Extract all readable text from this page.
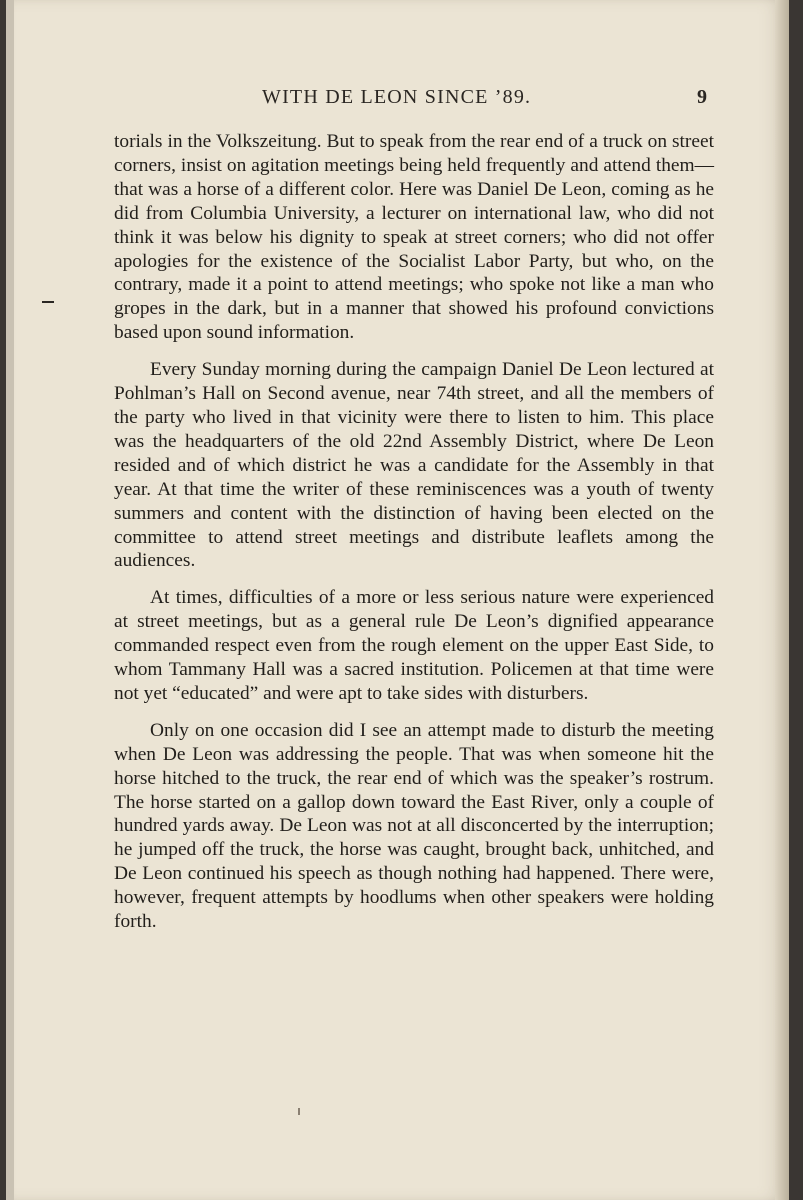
WITH DE LEON SINCE ’89.	9

torials in the Volkszeitung. But to speak from the rear end of a truck on street corners, insist on agitation meetings being held frequently and attend them—that was a horse of a different color. Here was Daniel De Leon, coming as he did from Columbia University, a lecturer on international law, who did not think it was below his dignity to speak at street corners; who did not offer apologies for the existence of the Socialist Labor Party, but who, on the contrary, made it a point to attend meetings; who spoke not like a man who gropes in the dark, but in a manner that showed his profound convictions based upon sound information.

Every Sunday morning during the campaign Daniel De Leon lectured at Pohlman’s Hall on Second avenue, near 74th street, and all the members of the party who lived in that vicinity were there to listen to him. This place was the headquarters of the old 22nd Assembly District, where De Leon resided and of which district he was a candidate for the Assembly in that year. At that time the writer of these reminiscences was a youth of twenty summers and content with the distinction of having been elected on the committee to attend street meetings and distribute leaflets among the audiences.

At times, difficulties of a more or less serious nature were experienced at street meetings, but as a general rule De Leon’s dignified appearance commanded respect even from the rough element on the upper East Side, to whom Tammany Hall was a sacred institution. Policemen at that time were not yet “educated” and were apt to take sides with disturbers.

Only on one occasion did I see an attempt made to disturb the meeting when De Leon was addressing the people. That was when someone hit the horse hitched to the truck, the rear end of which was the speaker’s rostrum. The horse started on a gallop down toward the East River, only a couple of hundred yards away. De Leon was not at all disconcerted by the interruption; he jumped off the truck, the horse was caught, brought back, unhitched, and De Leon continued his speech as though nothing had happened. There were, however, frequent attempts by hoodlums when other speakers were holding forth.
